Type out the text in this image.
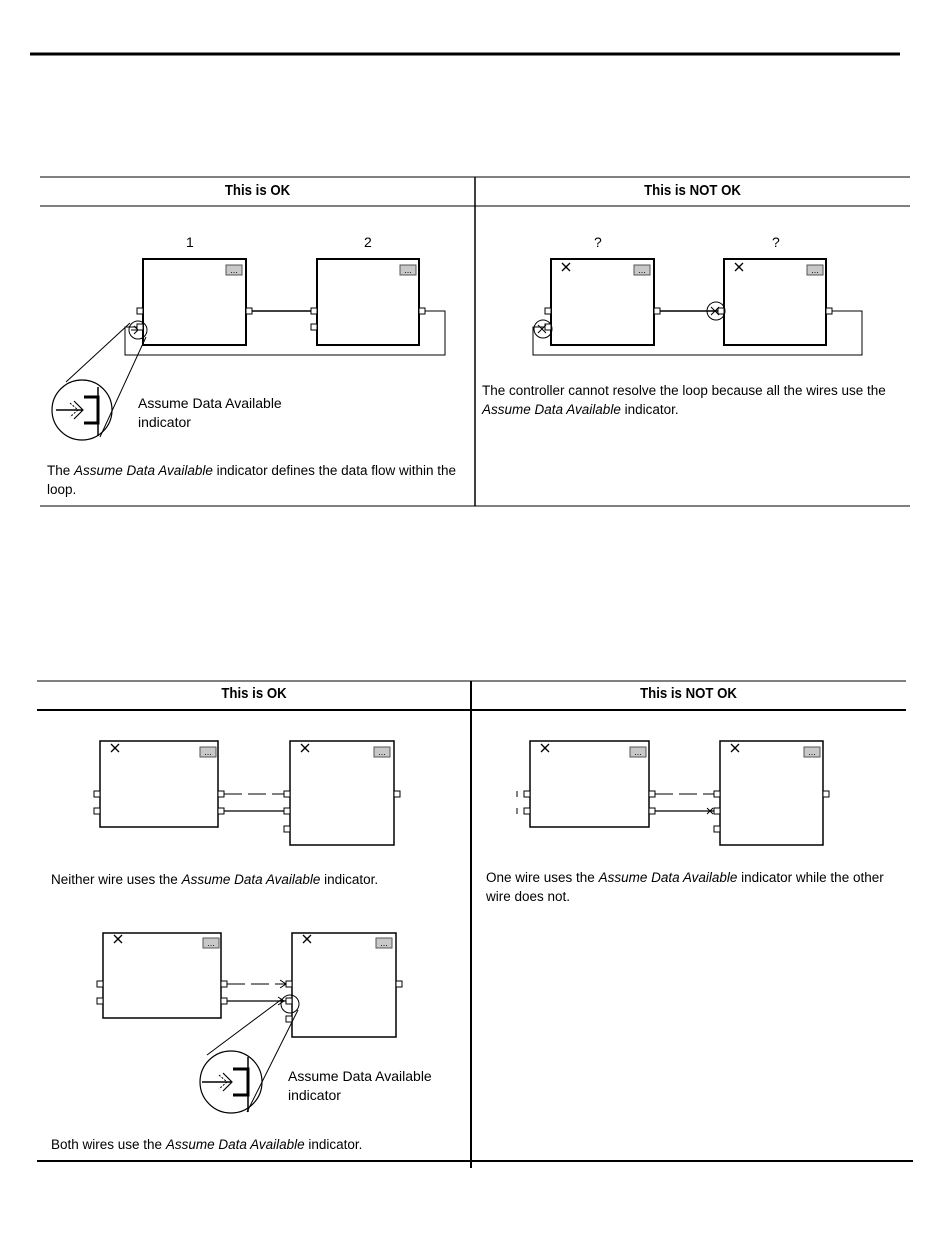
...
This is OK	This is NOT OK
1	2
Assume Data Available
indicator
The Assume Data Available indicator defines the data flow within the loop.
?	?
The controller cannot resolve the loop because all the wires use the Assume Data Available indicator.
This is OK	This is NOT OK
Neither wire uses the Assume Data Available indicator.
Assume Data Available
indicator
Both wires use the Assume Data Available indicator.
One wire uses the Assume Data Available indicator while the other wire does not.
